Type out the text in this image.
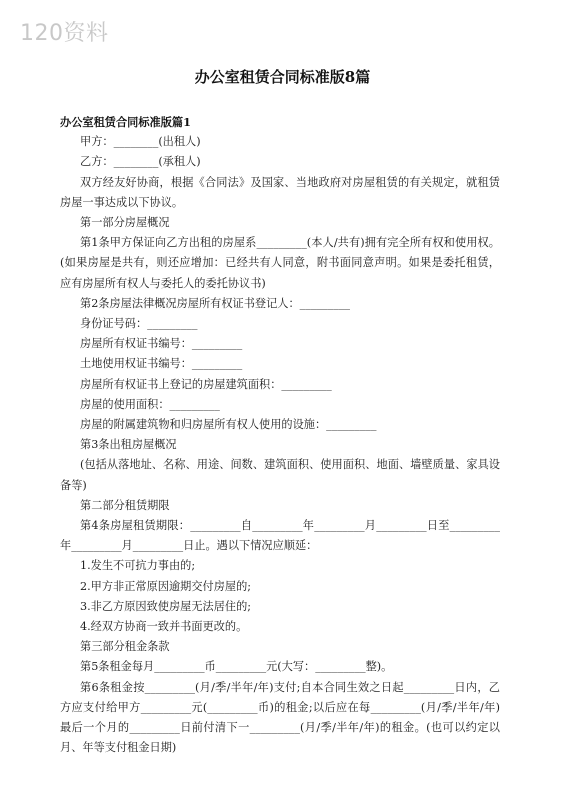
120资料
办公室租赁合同标准版8篇

办公室租赁合同标准版篇1

甲方：________(出租人)

乙方：________(承租人)

双方经友好协商，根据《合同法》及国家、当地政府对房屋租赁的有关规定，就租赁房屋一事达成以下协议。

第一部分房屋概况

第1条甲方保证向乙方出租的房屋系_________(本人/共有)拥有完全所有权和使用权。(如果房屋是共有，则还应增加：已经共有人同意，附书面同意声明。如果是委托租赁，应有房屋所有权人与委托人的委托协议书)

第2条房屋法律概况房屋所有权证书登记人：_________

身份证号码：_________

房屋所有权证书编号：_________

土地使用权证书编号：_________

房屋所有权证书上登记的房屋建筑面积：_________

房屋的使用面积：_________

房屋的附属建筑物和归房屋所有权人使用的设施：_________

第3条出租房屋概况

(包括从落地址、名称、用途、间数、建筑面积、使用面积、地面、墙壁质量、家具设备等)

第二部分租赁期限

第4条房屋租赁期限：_________自_________年_________月_________日至_________年_________月_________日止。遇以下情况应顺延：

1.发生不可抗力事由的;

2.甲方非正常原因逾期交付房屋的;

3.非乙方原因致使房屋无法居住的;

4.经双方协商一致并书面更改的。

第三部分租金条款

第5条租金每月_________币_________元(大写：_________整)。

第6条租金按_________(月/季/半年/年)支付;自本合同生效之日起_________日内，乙方应支付给甲方_________元(_________币)的租金;以后应在每_________(月/季/半年/年)最后一个月的_________日前付清下一_________(月/季/半年/年)的租金。(也可以约定以月、年等支付租金日期)
